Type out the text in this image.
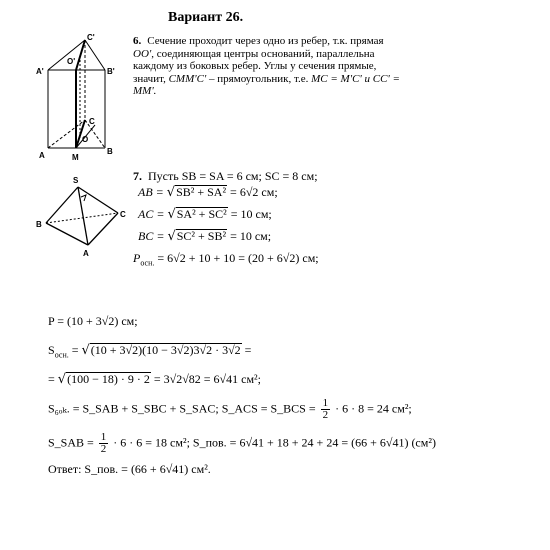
Вариант 26.
C'
O'
A'	B'
C
A	M
O
B
6. Сечение проходит через одно из ребер, т.к. прямая OO', соединяющая центры оснований, параллельна каждому из боковых ребер. Углы у сечения прямые, значит, CMM'C' – прямоугольник, т.е. MC = M'C' и CC' = MM'.
S
B
C
A
7. Пусть SB = SA = 6 см; SC = 8 см;
AB = √SB² + SA² = 6√2 см;
AC = √SA² + SC² = 10 см;
BC = √SC² + SB² = 10 см;
$P_{осн.} = 6√2 + 10 + 10 = (20 + 6√2)$ см;
P = (10 + 3√2) см;
$S_{осн.} = √(10 + 3√2)(10 - 3√2)3√2 \cdot 3√2$ =
= √(100 − 18) · 9 · 2 = 3√2√82 = 6√41 см²;
S₆ₒₖ. = S_SAB + S_SBC + S_SAC; S_ACS = S_BCS = $\frac{1}{2} \cdot 6 \cdot 8 = 24$ см²;
S_SAB = $\frac{1}{2} \cdot 6 \cdot 6 = 18$ см²; S_пов. = 6√41 + 18 + 24 + 24 = (66 + 6√41) (см²)
Ответ: S_пов. = (66 + 6√41) см².
